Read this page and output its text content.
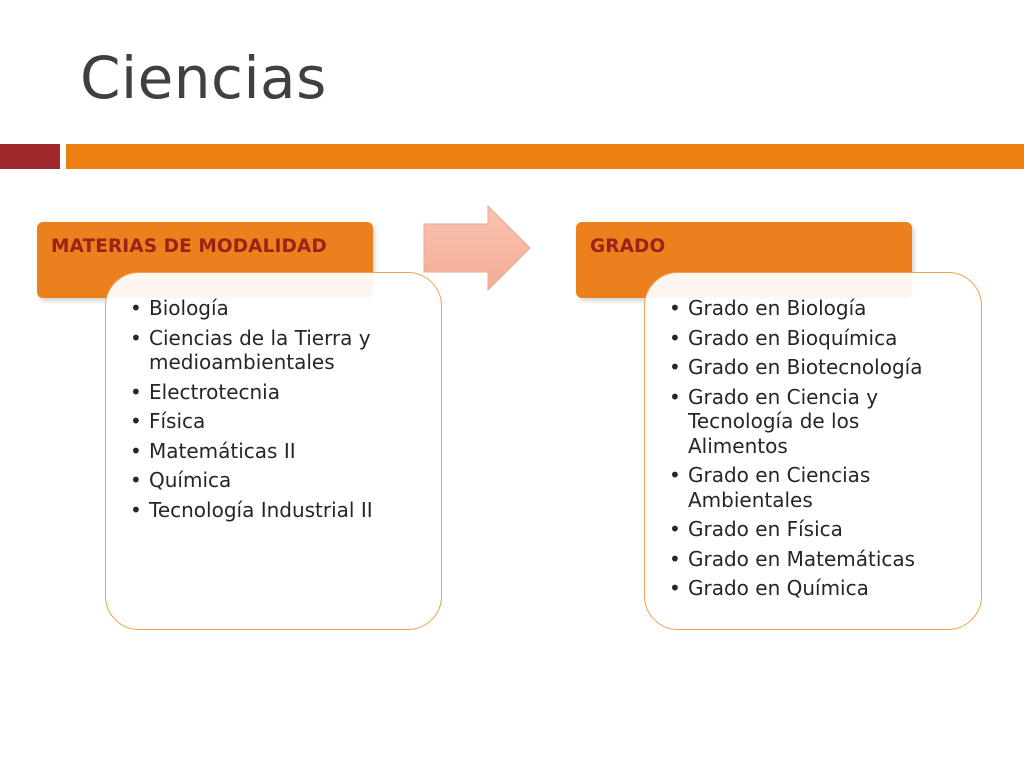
Ciencias
MATERIAS DE MODALIDAD
• Biología
• Ciencias de la Tierra y medioambientales
• Electrotecnia
• Física
• Matemáticas II
• Química
• Tecnología Industrial II
GRADO
• Grado en Biología
• Grado en Bioquímica
• Grado en Biotecnología
• Grado en Ciencia y Tecnología de los Alimentos
• Grado en Ciencias Ambientales
• Grado en Física
• Grado en Matemáticas
• Grado en Química
